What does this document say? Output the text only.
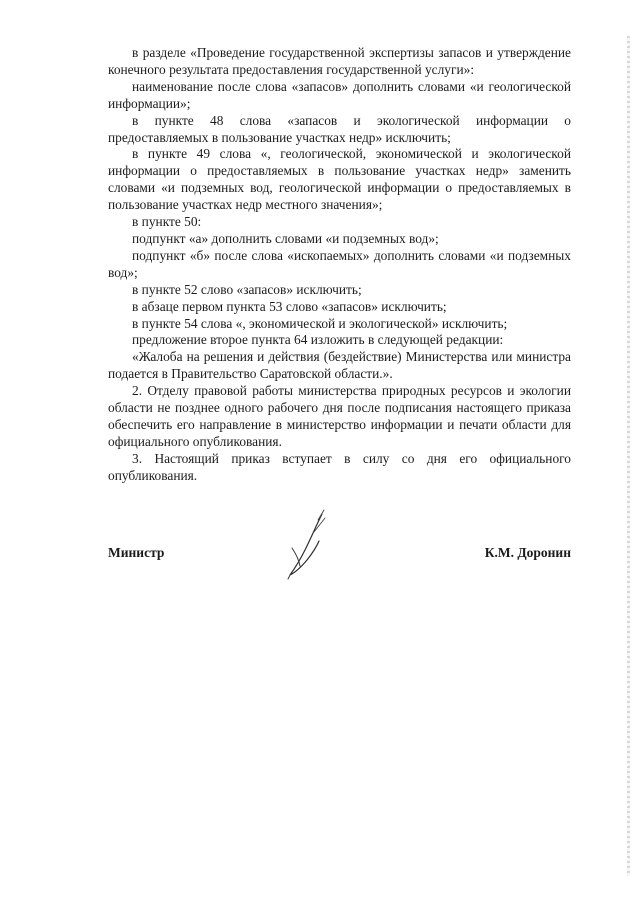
в разделе «Проведение государственной экспертизы запасов и утверждение конечного результата предоставления государственной услуги»:

наименование после слова «запасов» дополнить словами «и геологической информации»;

в пункте 48 слова «запасов и экологической информации о предоставляемых в пользование участках недр» исключить;

в пункте 49 слова «, геологической, экономической и экологической информации о предоставляемых в пользование участках недр» заменить словами «и подземных вод, геологической информации о предоставляемых в пользование участках недр местного значения»;

в пункте 50:

подпункт «а» дополнить словами «и подземных вод»;

подпункт «б» после слова «ископаемых» дополнить словами «и подземных вод»;

в пункте 52 слово «запасов» исключить;

в абзаце первом пункта 53 слово «запасов» исключить;

в пункте 54 слова «, экономической и экологической» исключить;

предложение второе пункта 64 изложить в следующей редакции:

«Жалоба на решения и действия (бездействие) Министерства или министра подается в Правительство Саратовской области.».

2. Отделу правовой работы министерства природных ресурсов и экологии области не позднее одного рабочего дня после подписания настоящего приказа обеспечить его направление в министерство информации и печати области для официального опубликования.

3. Настоящий приказ вступает в силу со дня его официального опубликования.

Министр	К.М. Доронин
